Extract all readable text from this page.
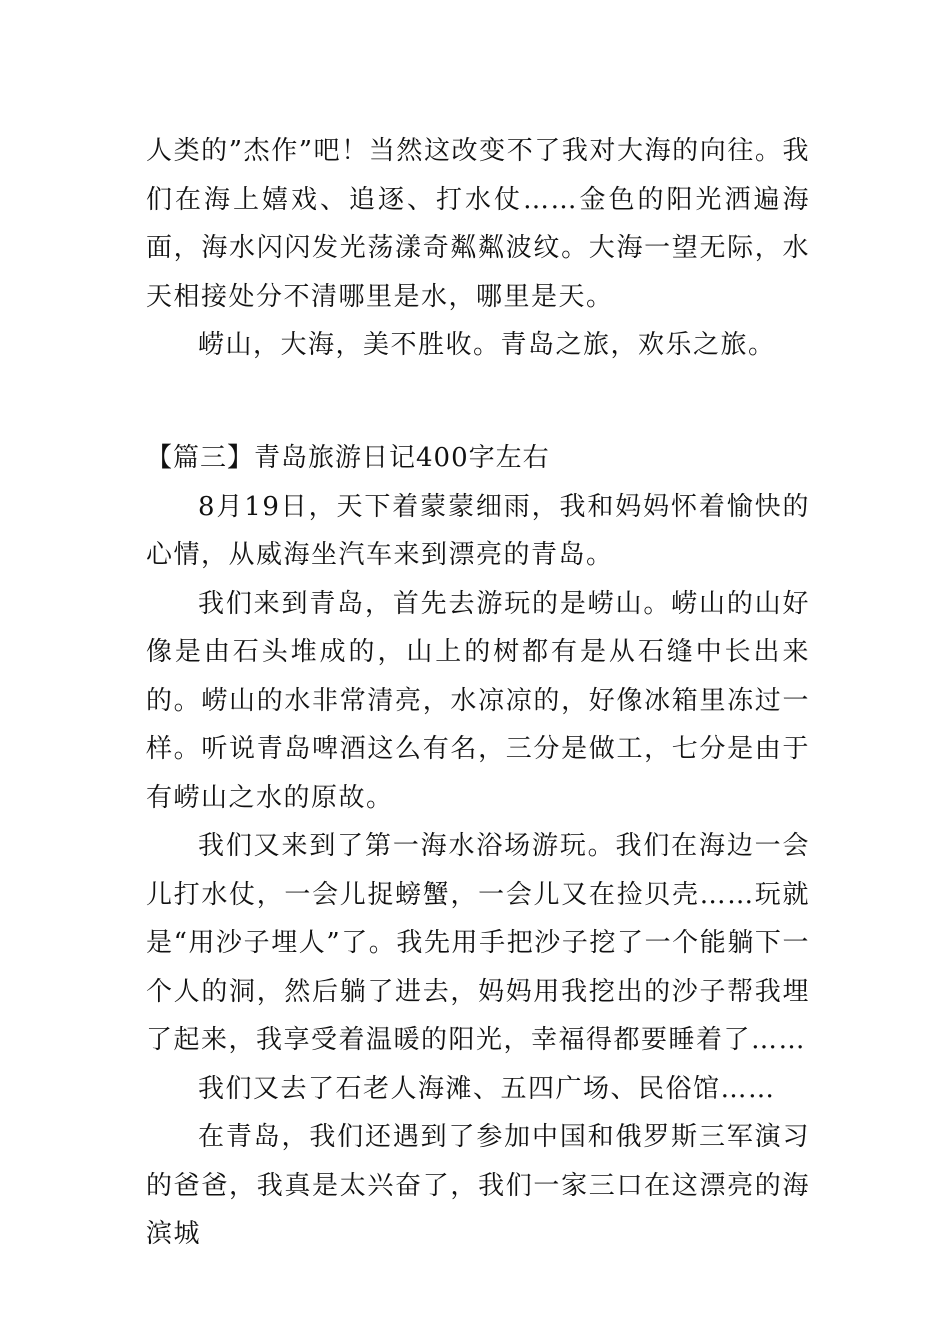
人类的”杰作”吧！当然这改变不了我对大海的向往。我们在海上嬉戏、追逐、打水仗……金色的阳光洒遍海面，海水闪闪发光荡漾奇粼粼波纹。大海一望无际，水天相接处分不清哪里是水，哪里是天。

崂山，大海，美不胜收。青岛之旅，欢乐之旅。

【篇三】青岛旅游日记400字左右

8月19日，天下着蒙蒙细雨，我和妈妈怀着愉快的心情，从威海坐汽车来到漂亮的青岛。

我们来到青岛，首先去游玩的是崂山。崂山的山好像是由石头堆成的，山上的树都有是从石缝中长出来的。崂山的水非常清亮，水凉凉的，好像冰箱里冻过一样。听说青岛啤酒这么有名，三分是做工，七分是由于有崂山之水的原故。

我们又来到了第一海水浴场游玩。我们在海边一会儿打水仗，一会儿捉螃蟹，一会儿又在捡贝壳……玩就是“用沙子埋人”了。我先用手把沙子挖了一个能躺下一个人的洞，然后躺了进去，妈妈用我挖出的沙子帮我埋了起来，我享受着温暖的阳光，幸福得都要睡着了……

我们又去了石老人海滩、五四广场、民俗馆……

在青岛，我们还遇到了参加中国和俄罗斯三军演习的爸爸，我真是太兴奋了，我们一家三口在这漂亮的海滨城
